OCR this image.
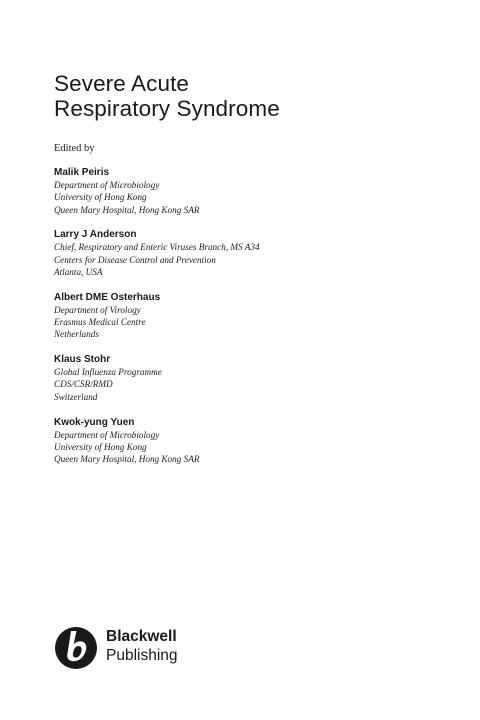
Severe Acute
Respiratory Syndrome
Edited by
Malik Peiris
Department of Microbiology
University of Hong Kong
Queen Mary Hospital, Hong Kong SAR
Larry J Anderson
Chief, Respiratory and Enteric Viruses Branch, MS A34
Centers for Disease Control and Prevention
Atlanta, USA
Albert DME Osterhaus
Department of Virology
Erasmus Medical Centre
Netherlands
Klaus Stohr
Global Influenza Programme
CDS/CSR/RMD
Switzerland
Kwok-yung Yuen
Department of Microbiology
University of Hong Kong
Queen Mary Hospital, Hong Kong SAR
Blackwell
Publishing
